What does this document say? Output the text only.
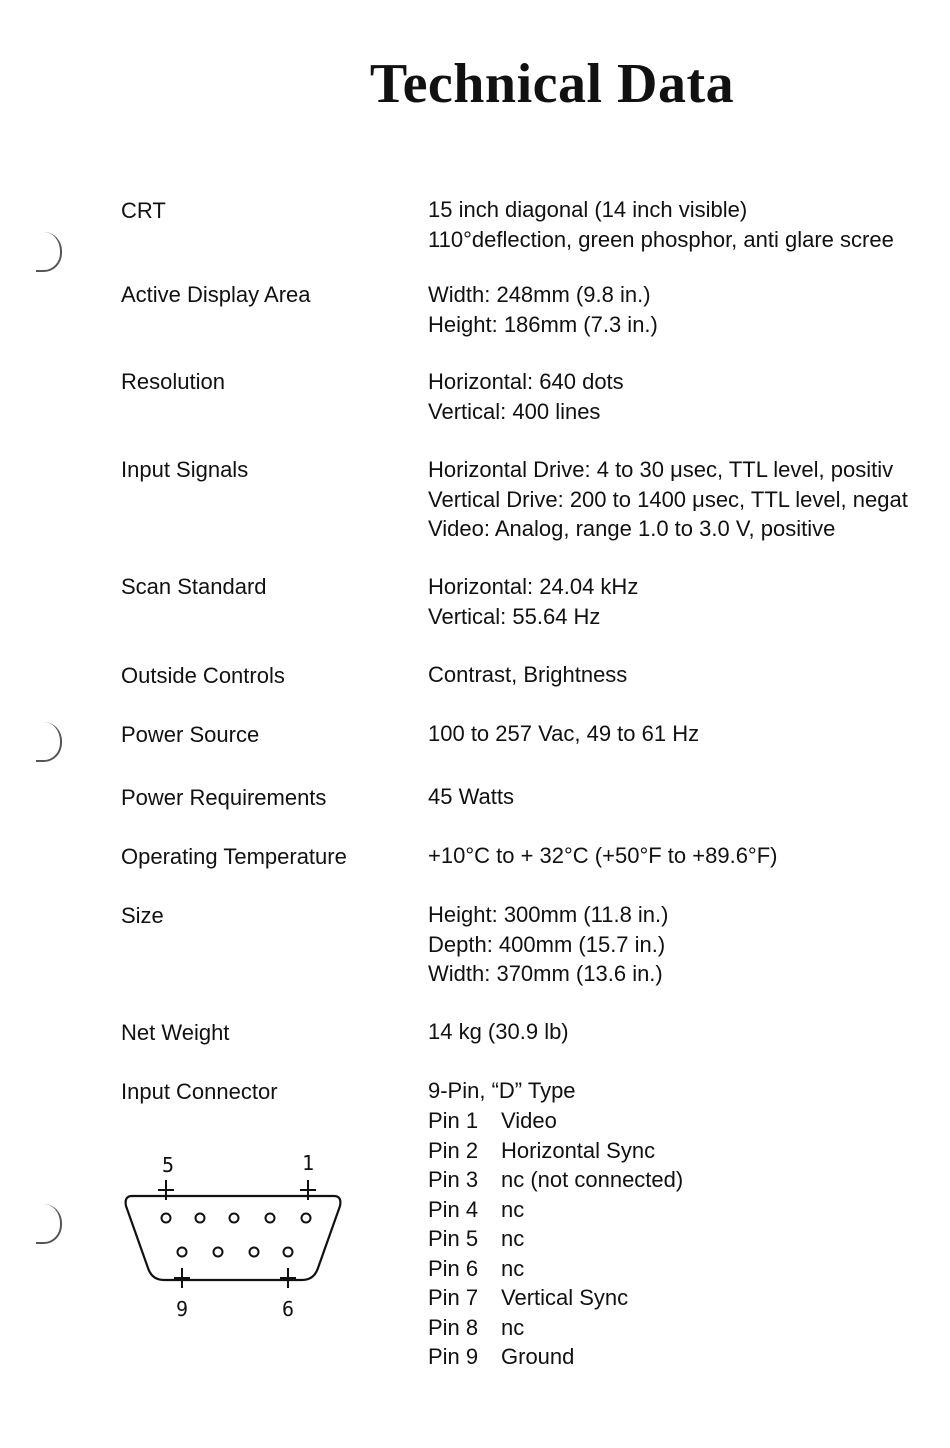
Technical Data
CRT	15 inch diagonal (14 inch visible)
110°deflection, green phosphor, anti glare scree
Active Display Area	Width: 248mm (9.8 in.)
Height: 186mm (7.3 in.)
Resolution	Horizontal: 640 dots
Vertical: 400 lines
Input Signals	Horizontal Drive: 4 to 30 μsec, TTL level, positiv
Vertical Drive: 200 to 1400 μsec, TTL level, negat
Video: Analog, range 1.0 to 3.0 V, positive
Scan Standard	Horizontal: 24.04 kHz
Vertical: 55.64 Hz
Outside Controls	Contrast, Brightness
Power Source	100 to 257 Vac, 49 to 61 Hz
Power Requirements	45 Watts
Operating Temperature	+10°C to + 32°C (+50°F to +89.6°F)
Size	Height: 300mm (11.8 in.)
Depth: 400mm (15.7 in.)
Width: 370mm (13.6 in.)
Net Weight	14 kg (30.9 lb)
Input Connector	9-Pin, “D” Type
Pin 1 Video
Pin 2 Horizontal Sync
Pin 3 nc (not connected)
Pin 4 nc
Pin 5 nc
Pin 6 nc
Pin 7 Vertical Sync
Pin 8 nc
Pin 9 Ground
5	1
9	6
